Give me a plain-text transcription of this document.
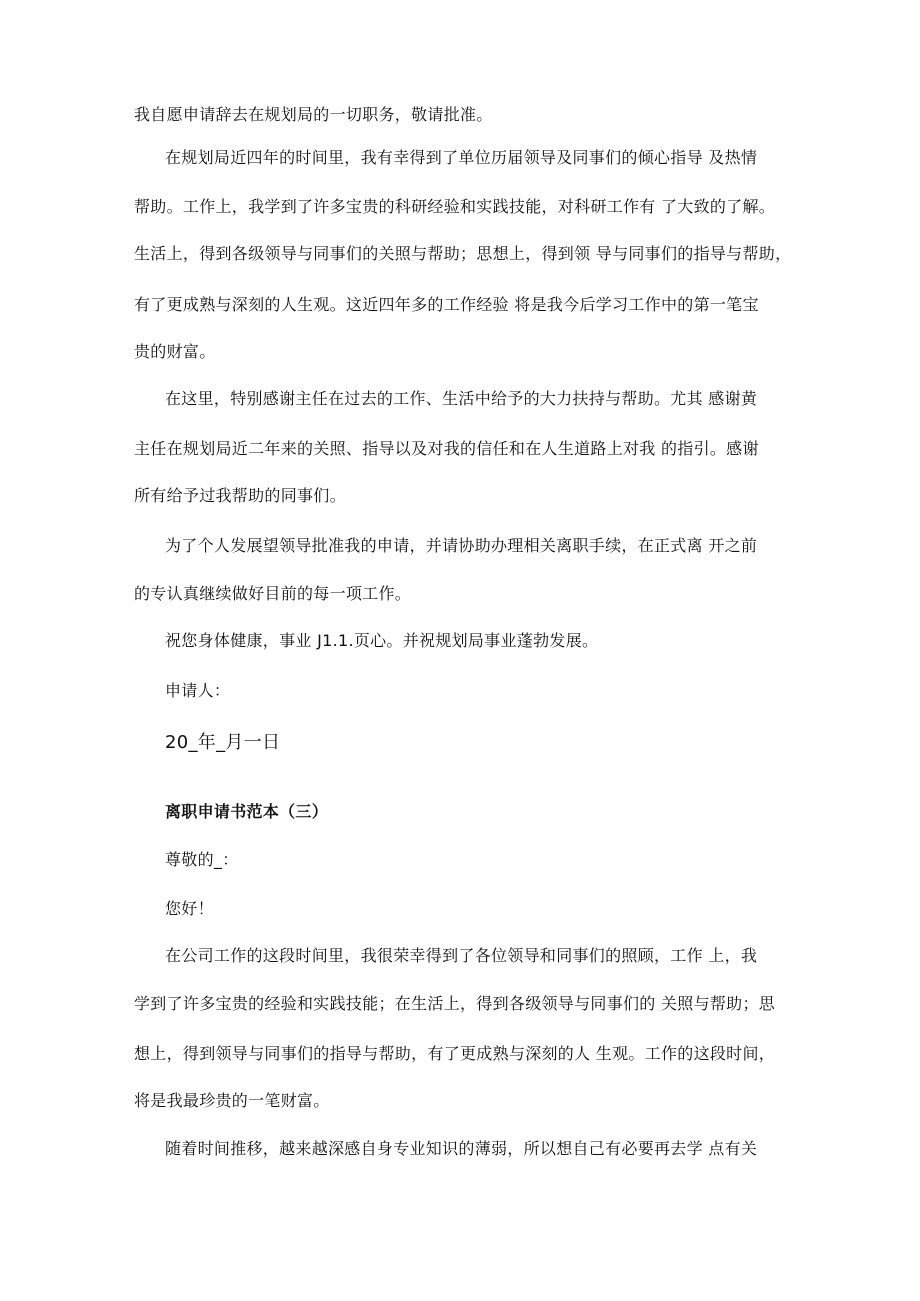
我自愿申请辞去在规划局的一切职务，敬请批准。
在规划局近四年的时间里，我有幸得到了单位历届领导及同事们的倾心指导 及热情
帮助。工作上，我学到了许多宝贵的科研经验和实践技能，对科研工作有 了大致的了解。
生活上，得到各级领导与同事们的关照与帮助；思想上，得到领 导与同事们的指导与帮助，
有了更成熟与深刻的人生观。这近四年多的工作经验 将是我今后学习工作中的第一笔宝
贵的财富。
在这里，特别感谢主任在过去的工作、生活中给予的大力扶持与帮助。尤其 感谢黄
主任在规划局近二年来的关照、指导以及对我的信任和在人生道路上对我 的指引。感谢
所有给予过我帮助的同事们。
为了个人发展望领导批准我的申请，并请协助办理相关离职手续，在正式离 开之前
的专认真继续做好目前的每一项工作。
祝您身体健康，事业 J1.1.页心。并祝规划局事业蓬勃发展。
申请人：
20_年_月一日
离职申请书范本（三）
尊敬的_：
您好！
在公司工作的这段时间里，我很荣幸得到了各位领导和同事们的照顾，工作 上，我
学到了许多宝贵的经验和实践技能；在生活上，得到各级领导与同事们的 关照与帮助；思
想上，得到领导与同事们的指导与帮助，有了更成熟与深刻的人 生观。工作的这段时间，
将是我最珍贵的一笔财富。
随着时间推移，越来越深感自身专业知识的薄弱，所以想自己有必要再去学 点有关
